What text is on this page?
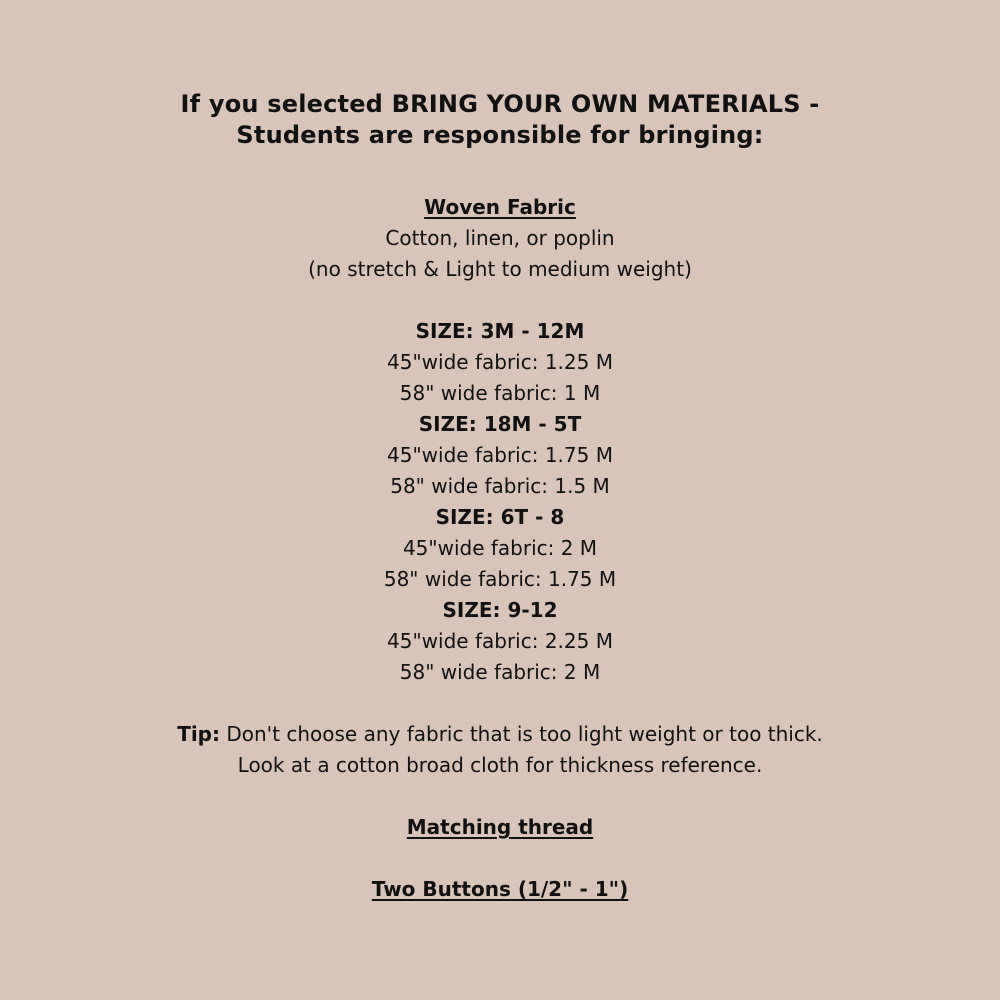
If you selected BRING YOUR OWN MATERIALS -
Students are responsible for bringing:
Woven Fabric
Cotton, linen, or poplin
(no stretch & Light to medium weight)
SIZE: 3M - 12M
45"wide fabric: 1.25 M
58" wide fabric: 1 M
SIZE: 18M - 5T
45"wide fabric: 1.75 M
58" wide fabric: 1.5 M
SIZE: 6T - 8
45"wide fabric: 2 M
58" wide fabric: 1.75 M
SIZE: 9-12
45"wide fabric: 2.25 M
58" wide fabric: 2 M
Tip: Don't choose any fabric that is too light weight or too thick.
Look at a cotton broad cloth for thickness reference.
Matching thread
Two Buttons (1/2" - 1")
